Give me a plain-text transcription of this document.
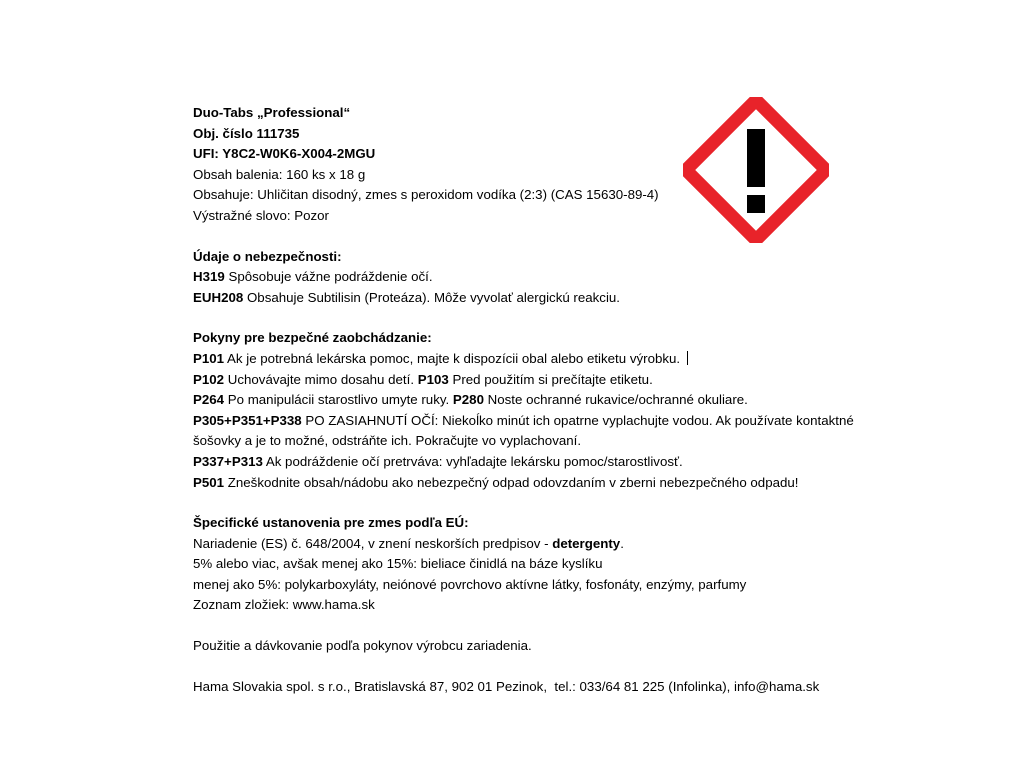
Duo-Tabs „Professional“
Obj. číslo 111735
UFI: Y8C2-W0K6-X004-2MGU
Obsah balenia: 160 ks x 18 g
Obsahuje: Uhličitan disodný, zmes s peroxidom vodíka (2:3) (CAS 15630-89-4)
Výstražné slovo: Pozor
Údaje o nebezpečnosti:
H319 Spôsobuje vážne podráždenie očí.
EUH208 Obsahuje Subtilisin (Proteáza). Môže vyvolať alergickú reakciu.
Pokyny pre bezpečné zaobchádzanie:
P101 Ak je potrebná lekárska pomoc, majte k dispozícii obal alebo etiketu výrobku.
P102 Uchovávajte mimo dosahu detí. P103 Pred použitím si prečítajte etiketu.
P264 Po manipulácii starostlivo umyte ruky. P280 Noste ochranné rukavice/ochranné okuliare.
P305+P351+P338 PO ZASIAHNUTÍ OČÍ: Niekoĺko minút ich opatrne vyplachujte vodou. Ak používate kontaktné šošovky a je to možné, odstráňte ich. Pokračujte vo vyplachovaní.
P337+P313 Ak podráždenie očí pretrváva: vyhľadajte lekársku pomoc/starostlivosť.
P501 Zneškodnite obsah/nádobu ako nebezpečný odpad odovzdaním v zberni nebezpečného odpadu!
Špecifické ustanovenia pre zmes podľa EÚ:
Nariadenie (ES) č. 648/2004, v znení neskorších predpisov - detergenty.
5% alebo viac, avšak menej ako 15%: bieliace činidlá na báze kyslíku
menej ako 5%: polykarboxyláty, neiónové povrchovo aktívne látky, fosfonáty, enzýmy, parfumy
Zoznam zložiek: www.hama.sk
Použitie a dávkovanie podľa pokynov výrobcu zariadenia.
Hama Slovakia spol. s r.o., Bratislavská 87, 902 01 Pezinok,  tel.: 033/64 81 225 (Infolinka), info@hama.sk
